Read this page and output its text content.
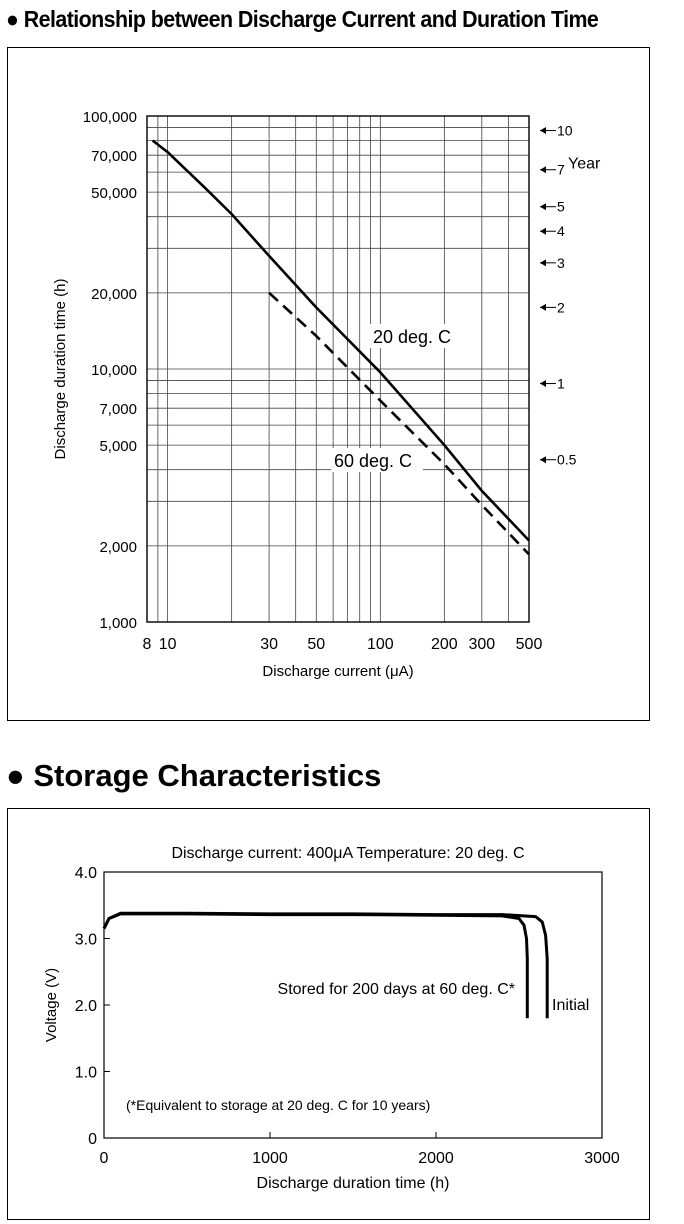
● Relationship between Discharge Current and Duration Time
1,000
2,000
5,000
7,000
10,000
20,000
50,000
70,000
100,000
8 10	30 50	100 200 300 500
Discharge current (μA)
Discharge duration time (h)
10
7
5
4
3
2
1
0.5
Year
20 deg. C
60 deg. C
● Storage Characteristics
Discharge current: 400μA Temperature: 20 deg. C
0
1.0
2.0
3.0
4.0
0	1000	2000	3000
Discharge duration time (h)
Voltage (V)	Initial
Stored for 200 days at 60 deg. C*
(*Equivalent to storage at 20 deg. C for 10 years)
